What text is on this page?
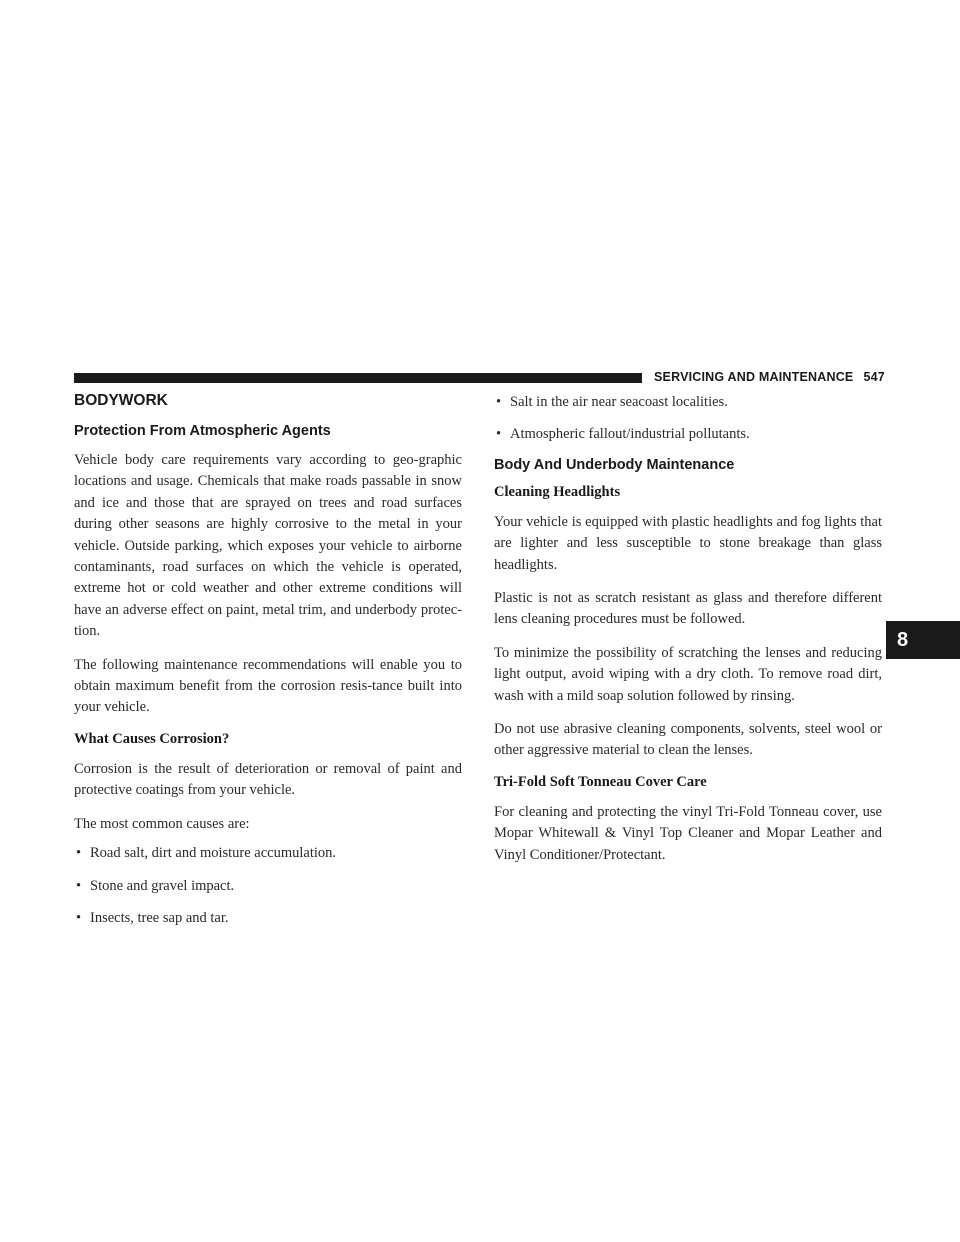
SERVICING AND MAINTENANCE 547
8
BODYWORK
Protection From Atmospheric Agents

Vehicle body care requirements vary according to geo-graphic locations and usage. Chemicals that make roads passable in snow and ice and those that are sprayed on trees and road surfaces during other seasons are highly corrosive to the metal in your vehicle. Outside parking, which exposes your vehicle to airborne contaminants, road surfaces on which the vehicle is operated, extreme hot or cold weather and other extreme conditions will have an adverse effect on paint, metal trim, and underbody protec-tion.

The following maintenance recommendations will enable you to obtain maximum benefit from the corrosion resis-tance built into your vehicle.

What Causes Corrosion?

Corrosion is the result of deterioration or removal of paint and protective coatings from your vehicle.

The most common causes are:

• Road salt, dirt and moisture accumulation.
• Stone and gravel impact.
• Insects, tree sap and tar.
• Salt in the air near seacoast localities.
• Atmospheric fallout/industrial pollutants.
Body And Underbody Maintenance
Cleaning Headlights

Your vehicle is equipped with plastic headlights and fog lights that are lighter and less susceptible to stone breakage than glass headlights.

Plastic is not as scratch resistant as glass and therefore different lens cleaning procedures must be followed.

To minimize the possibility of scratching the lenses and reducing light output, avoid wiping with a dry cloth. To remove road dirt, wash with a mild soap solution followed by rinsing.

Do not use abrasive cleaning components, solvents, steel wool or other aggressive material to clean the lenses.

Tri-Fold Soft Tonneau Cover Care

For cleaning and protecting the vinyl Tri-Fold Tonneau cover, use Mopar Whitewall & Vinyl Top Cleaner and Mopar Leather and Vinyl Conditioner/Protectant.
